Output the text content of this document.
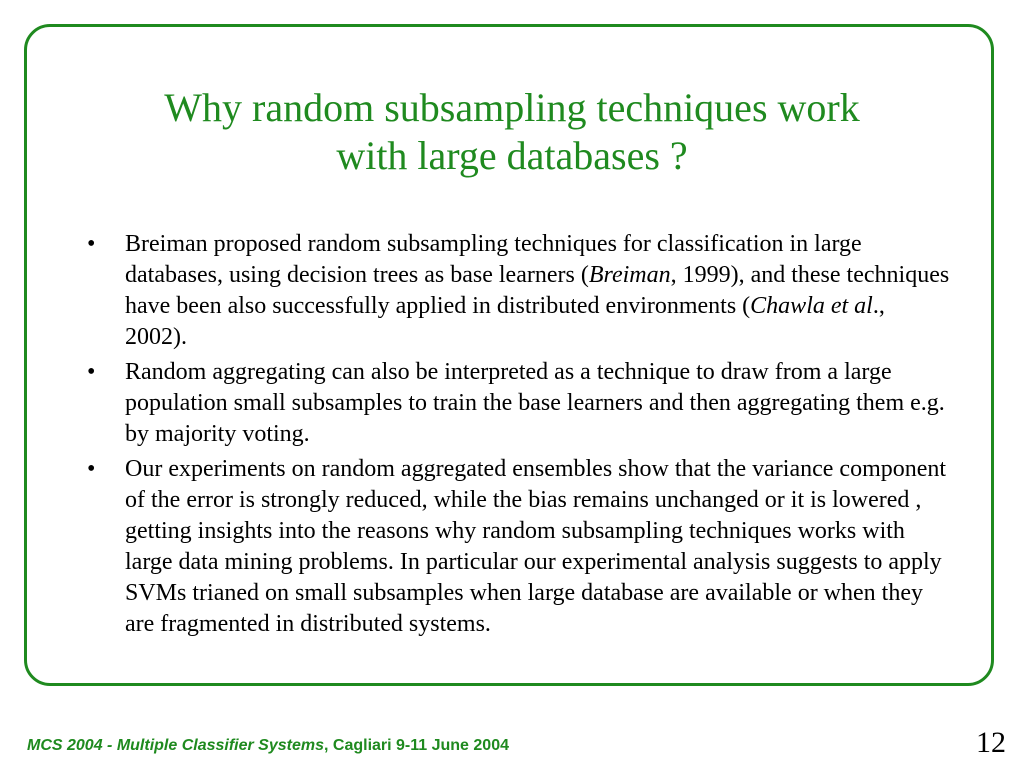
Why random subsampling techniques work
with large databases ?
• Breiman proposed random subsampling techniques for classification in large databases, using decision trees as base learners (Breiman, 1999), and these techniques have been also successfully applied in distributed environments (Chawla et al., 2002).
• Random aggregating can also be interpreted as a technique to draw from a large population small subsamples to train the base learners and then aggregating them e.g. by majority voting.
• Our experiments on random aggregated ensembles show that the variance component of the error is strongly reduced, while the bias remains unchanged or it is lowered , getting insights into the reasons why random subsampling techniques works with large data mining problems. In particular our experimental analysis suggests to apply SVMs trianed on small subsamples when large database are available or when they are fragmented in distributed systems.
MCS 2004 - Multiple Classifier Systems, Cagliari 9-11 June 2004	12
